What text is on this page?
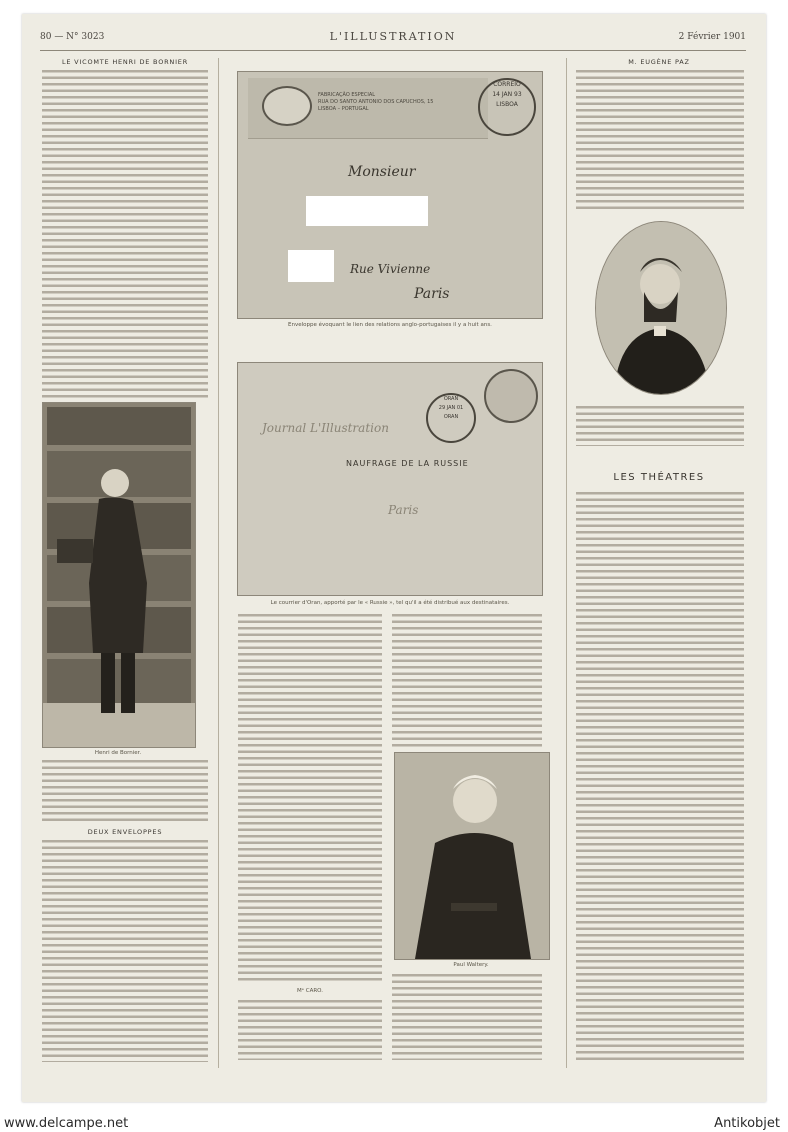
80 — N° 3023	L'ILLUSTRATION	2 Février 1901
LE VICOMTE HENRI DE BORNIER
Henri de Bornier.
DEUX ENVELOPPES
FABRICAÇÃO ESPECIAL
RUA DO SANTO ANTONIO DOS CAPUCHOS, 15
LISBOA – PORTUGAL
CORREIO
14 JAN 93
LISBOA
Monsieur
Rue Vivienne
Paris
Enveloppe évoquant le lien des relations anglo-portugaises il y a huit ans.
ORAN
29 JAN 01
ORAN
Journal L'Illustration
NAUFRAGE DE LA RUSSIE
Paris
Le courrier d'Oran, apporté par le « Russie », tel qu'il a été distribué aux destinataires.
Mᵉ CARO.
Paul Waltery.
M. EUGÈNE PAZ
LES THÉATRES
www.delcampe.net	Antikobjet
